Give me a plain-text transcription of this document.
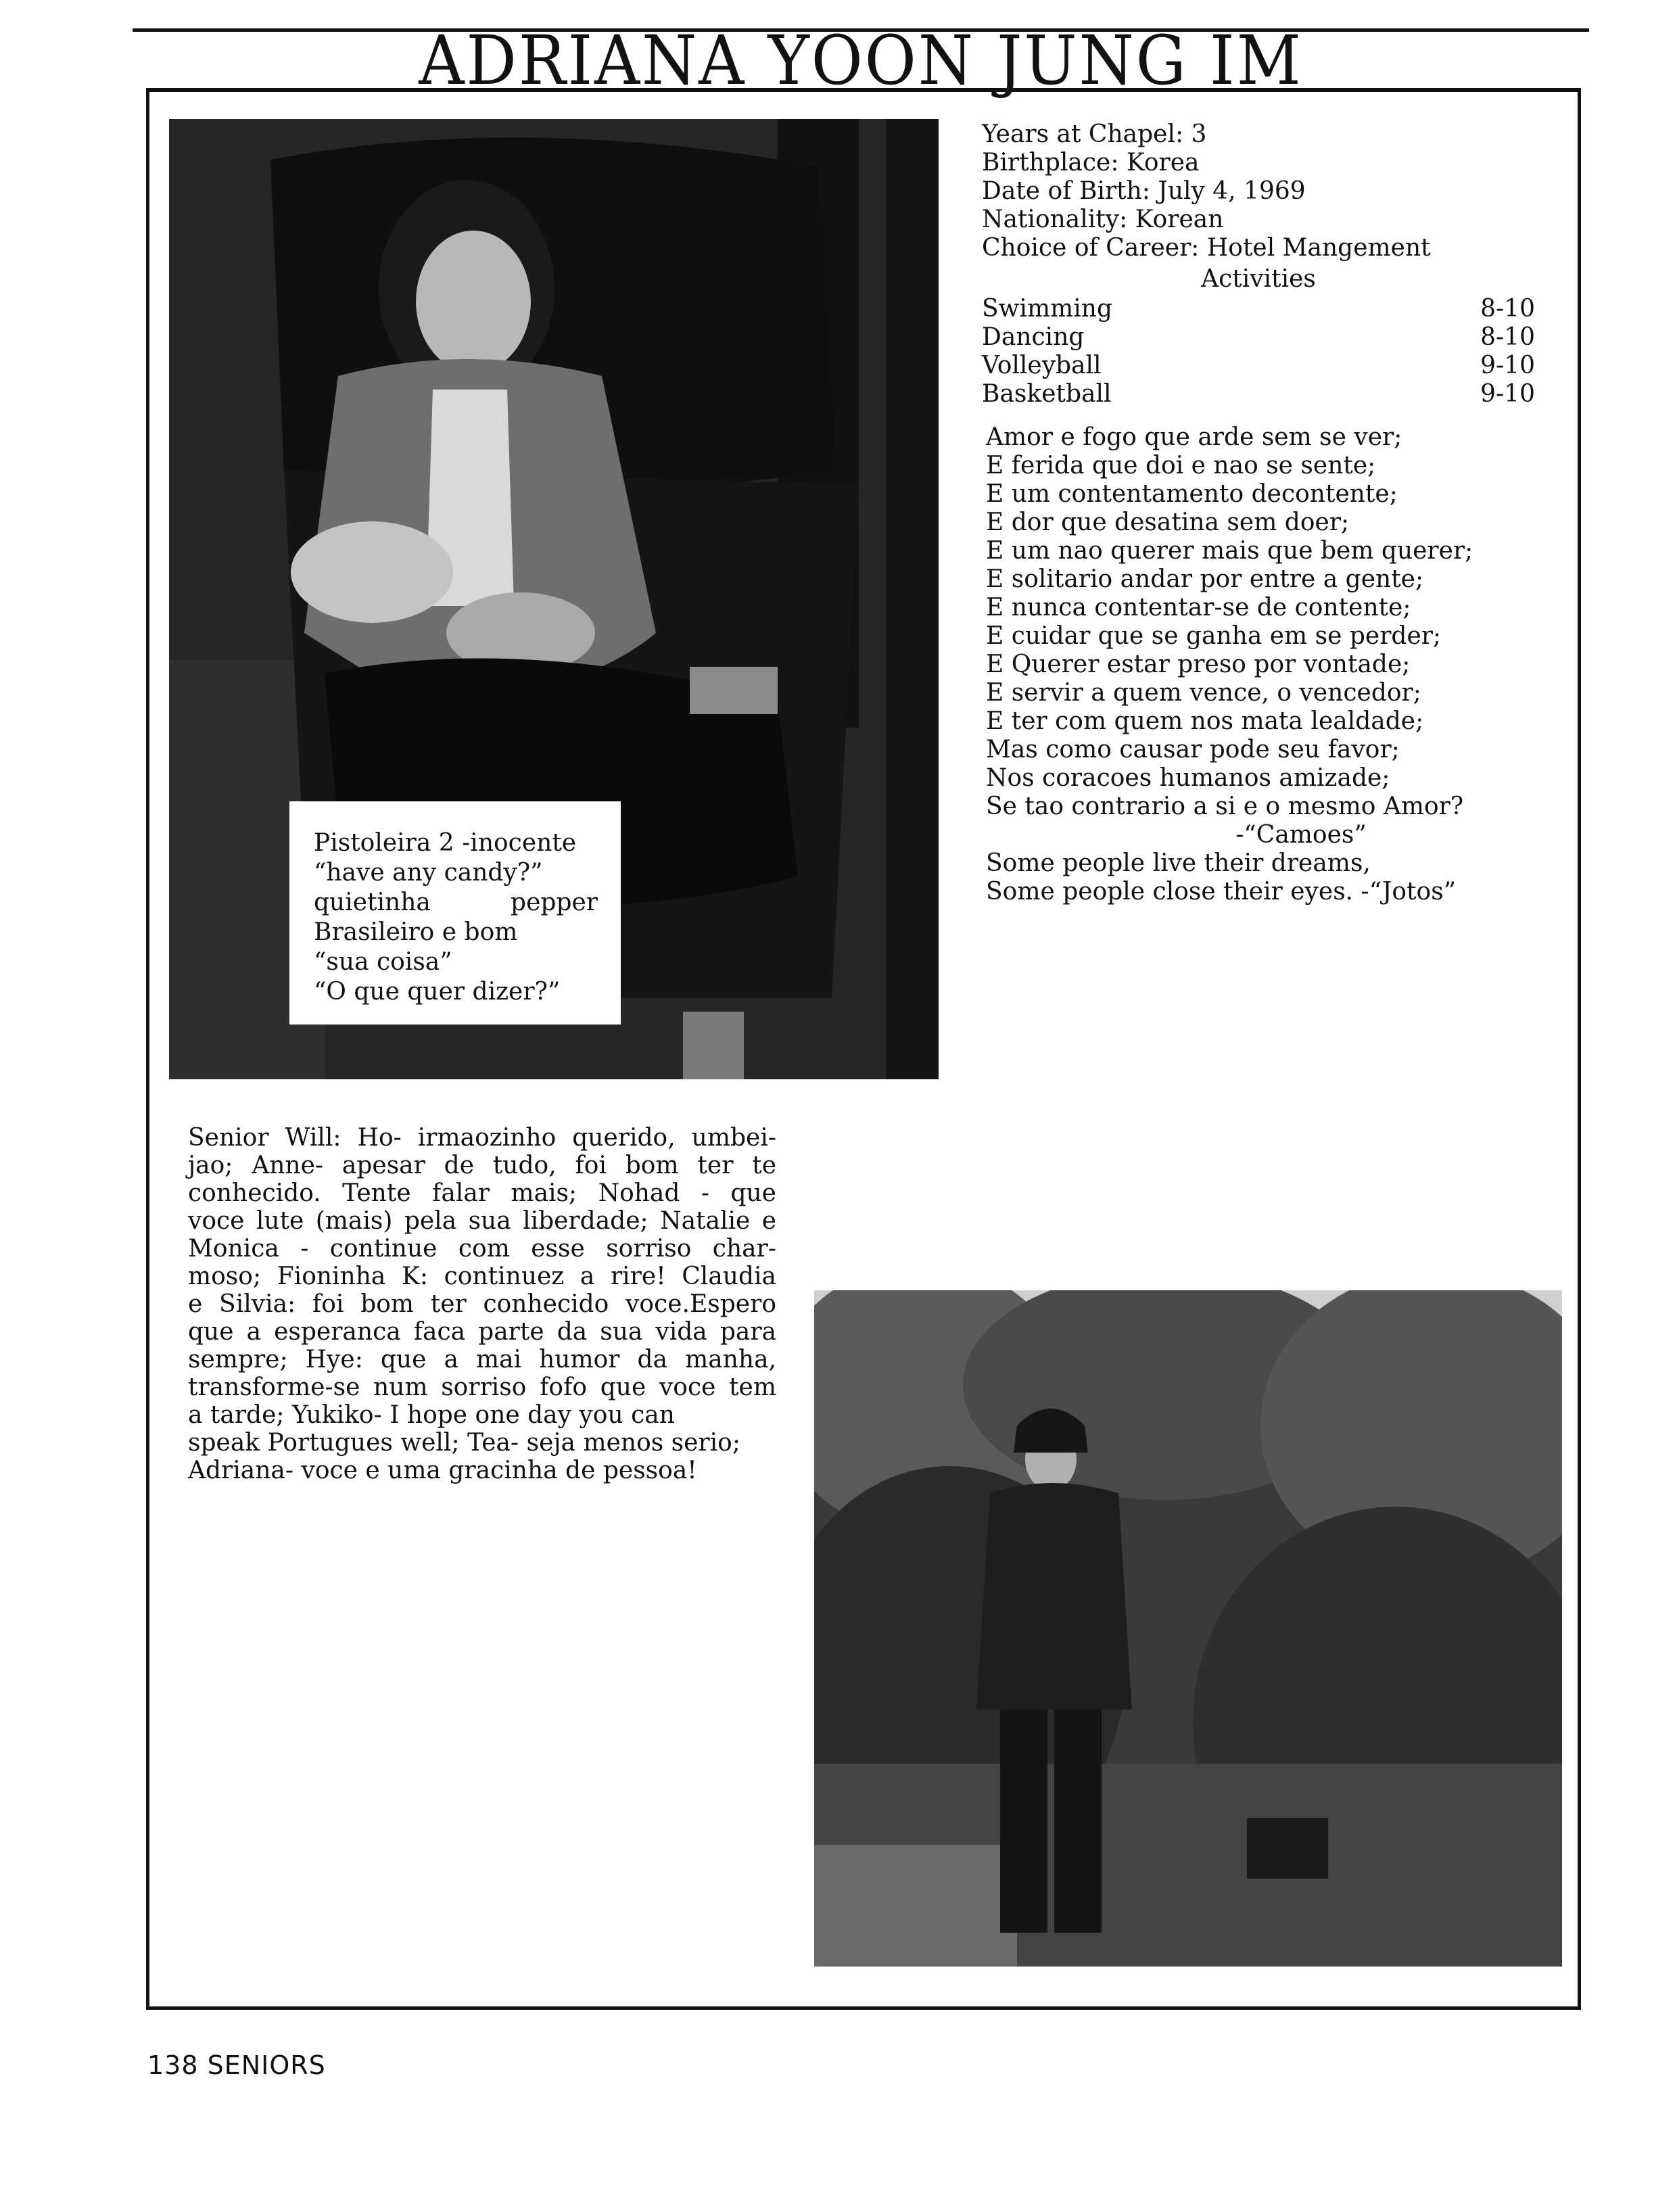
ADRIANA YOON JUNG IM
Pistoleira 2 -inocente
“have any candy?”
quietinha	pepper
Brasileiro e bom
“sua coisa”
“O que quer dizer?”
Years at Chapel: 3
Birthplace: Korea
Date of Birth: July 4, 1969
Nationality: Korean
Choice of Career: Hotel Mangement
Activities
Swimming	8-10
Dancing	8-10
Volleyball	9-10
Basketball	9-10
Amor e fogo que arde sem se ver;
E ferida que doi e nao se sente;
E um contentamento decontente;
E dor que desatina sem doer;
E um nao querer mais que bem querer;
E solitario andar por entre a gente;
E nunca contentar-se de contente;
E cuidar que se ganha em se perder;
E Querer estar preso por vontade;
E servir a quem vence, o vencedor;
E ter com quem nos mata lealdade;
Mas como causar pode seu favor;
Nos coracoes humanos amizade;
Se tao contrario a si e o mesmo Amor?
-“Camoes”
Some people live their dreams,
Some people close their eyes. -“Jotos”
Senior Will: Ho- irmaozinho querido, umbei-
jao; Anne- apesar de tudo, foi bom ter te
conhecido. Tente falar mais; Nohad - que
voce lute (mais) pela sua liberdade; Natalie e
Monica - continue com esse sorriso char-
moso; Fioninha K: continuez a rire! Claudia
e Silvia: foi bom ter conhecido voce.Espero
que a esperanca faca parte da sua vida para
sempre; Hye: que a mai humor da manha,
transforme-se num sorriso fofo que voce tem
a tarde; Yukiko- I hope one day you can
speak Portugues well; Tea- seja menos serio;
Adriana- voce e uma gracinha de pessoa!
138 SENIORS
